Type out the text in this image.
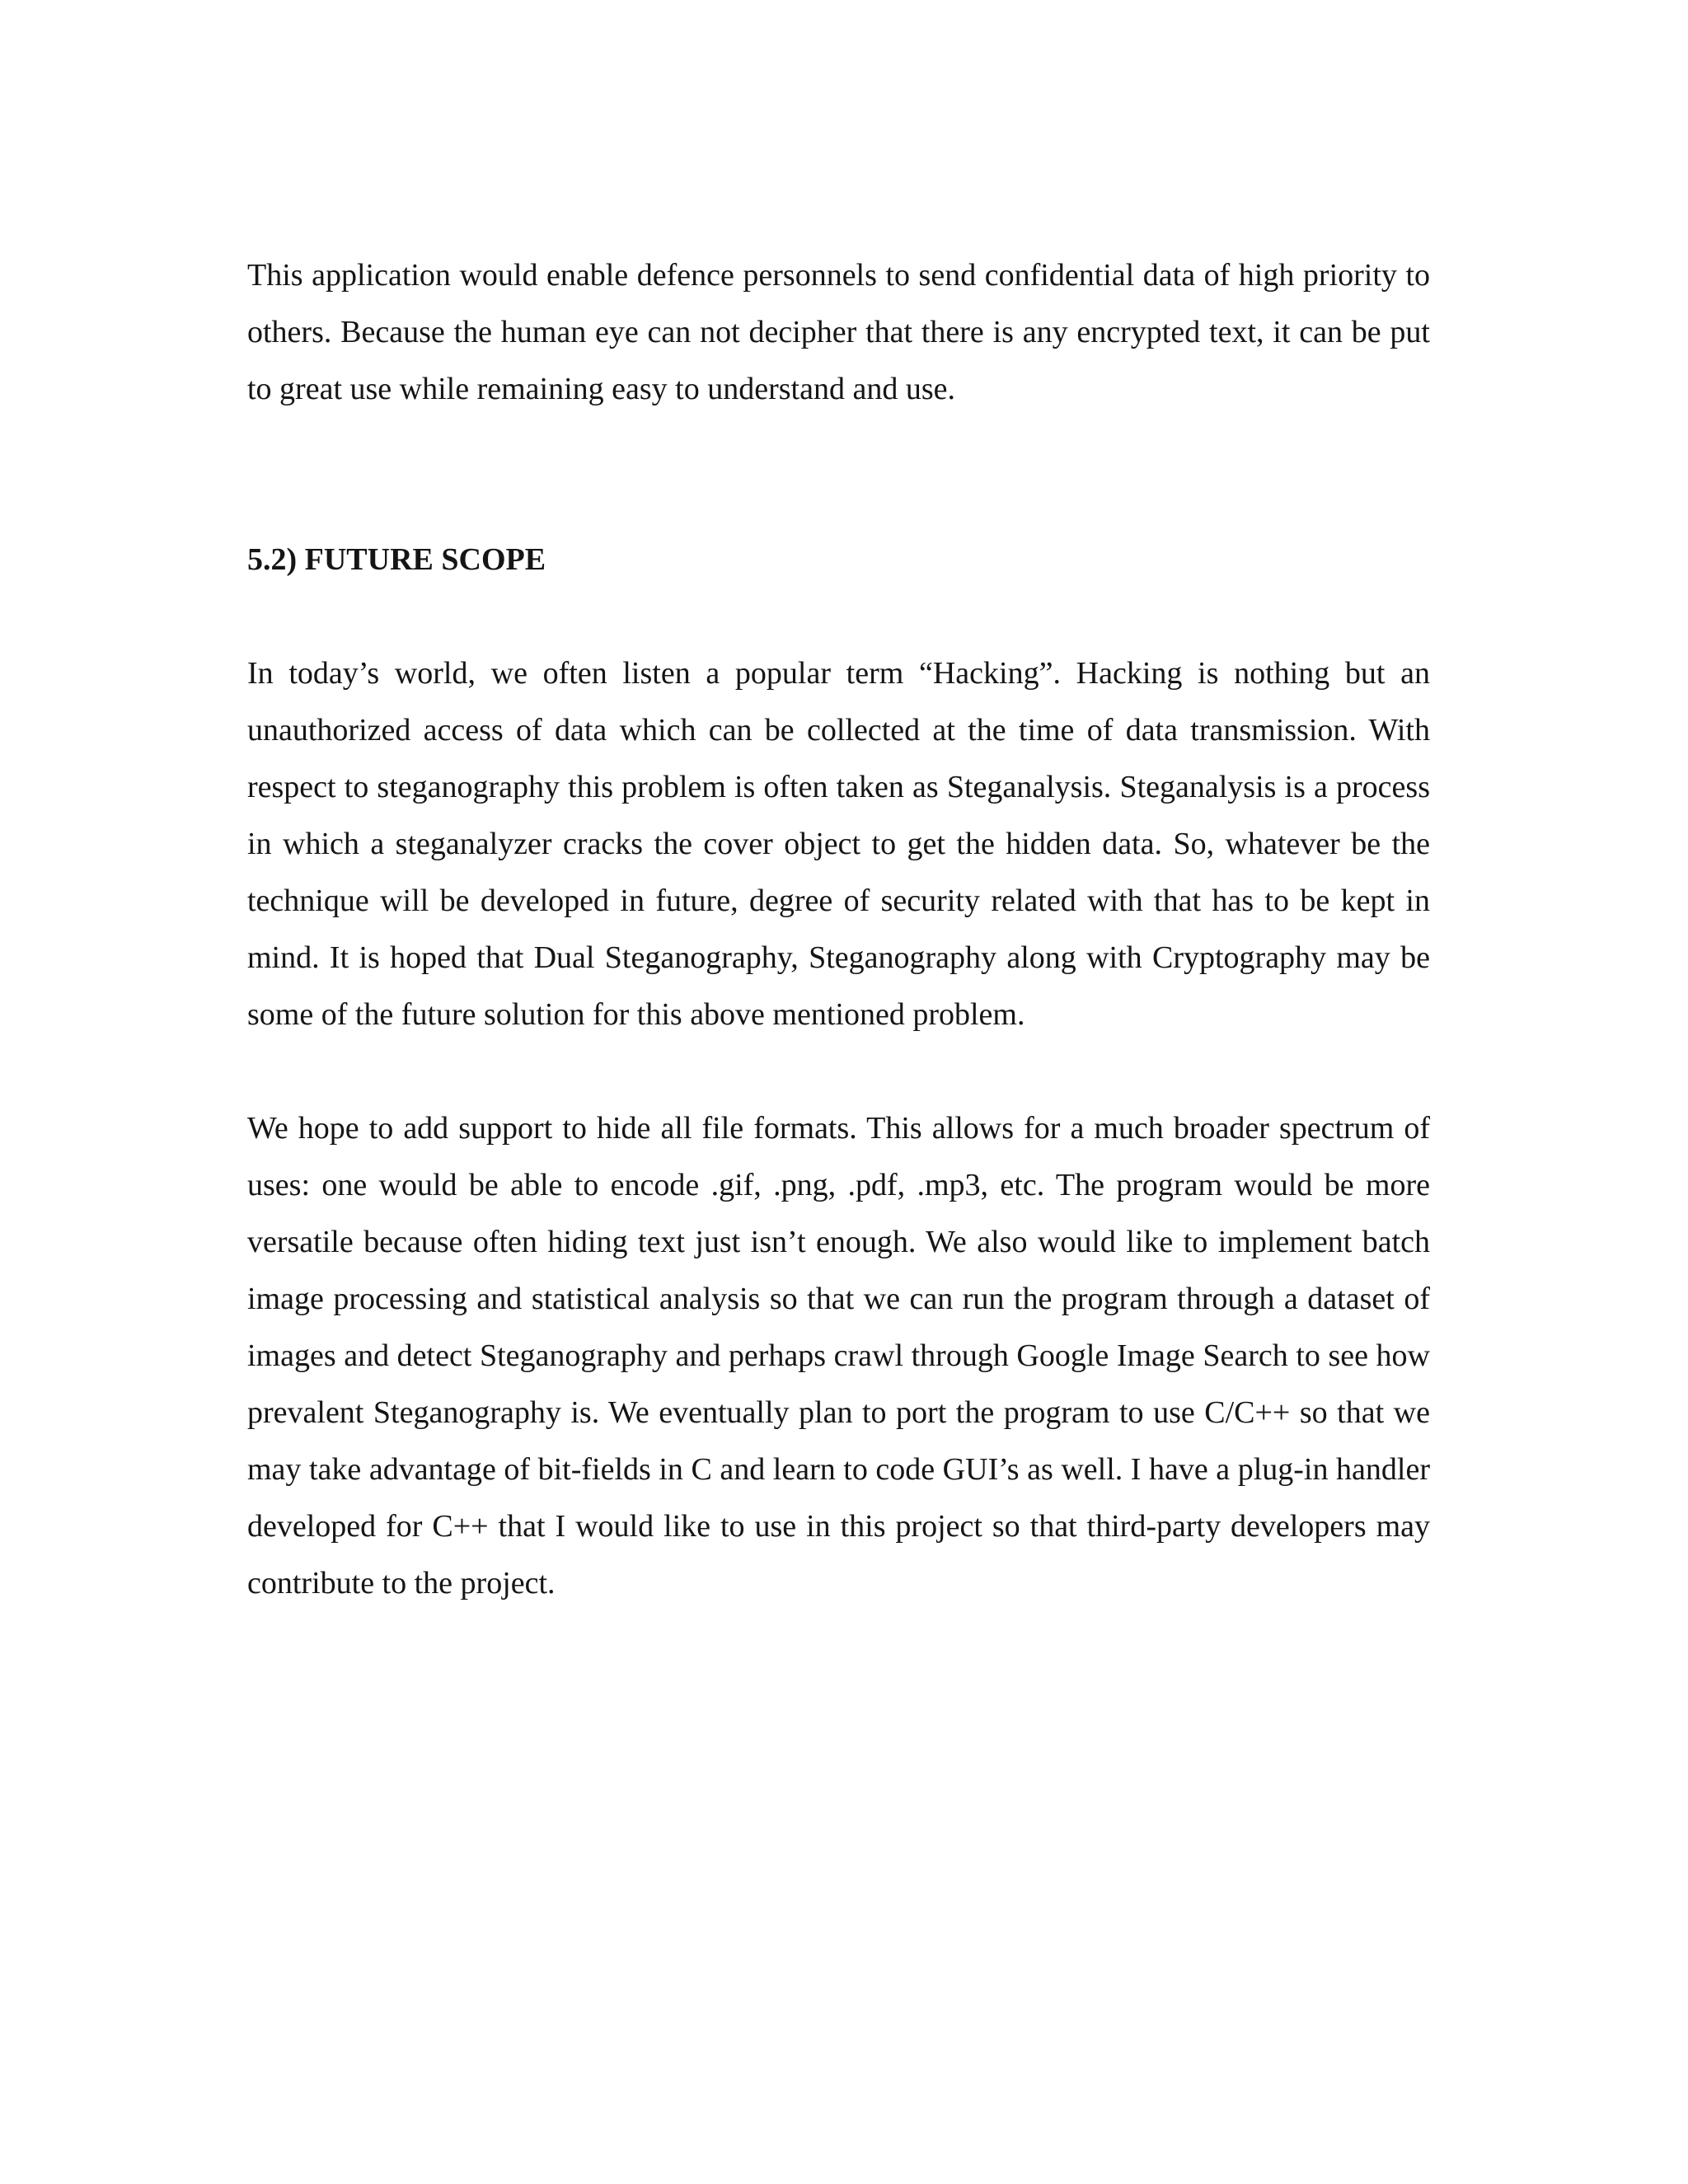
This application would enable defence personnels to send confidential data of high priority to others. Because the human eye can not decipher that there is any encrypted text, it can be put to great use while remaining easy to understand and use.

5.2) FUTURE SCOPE

In today’s world, we often listen a popular term “Hacking”. Hacking is nothing but an unauthorized access of data which can be collected at the time of data transmission. With respect to steganography this problem is often taken as Steganalysis. Steganalysis is a process in which a steganalyzer cracks the cover object to get the hidden data. So, whatever be the technique will be developed in future, degree of security related with that has to be kept in mind. It is hoped that Dual Steganography, Steganography along with Cryptography may be some of the future solution for this above mentioned problem.

We hope to add support to hide all file formats. This allows for a much broader spectrum of uses: one would be able to encode .gif, .png, .pdf, .mp3, etc. The program would be more versatile because often hiding text just isn’t enough. We also would like to implement batch image processing and statistical analysis so that we can run the program through a dataset of images and detect Steganography and perhaps crawl through Google Image Search to see how prevalent Steganography is. We eventually plan to port the program to use C/C++ so that we may take advantage of bit-fields in C and learn to code GUI’s as well. I have a plug-in handler developed for C++ that I would like to use in this project so that third-party developers may contribute to the project.
